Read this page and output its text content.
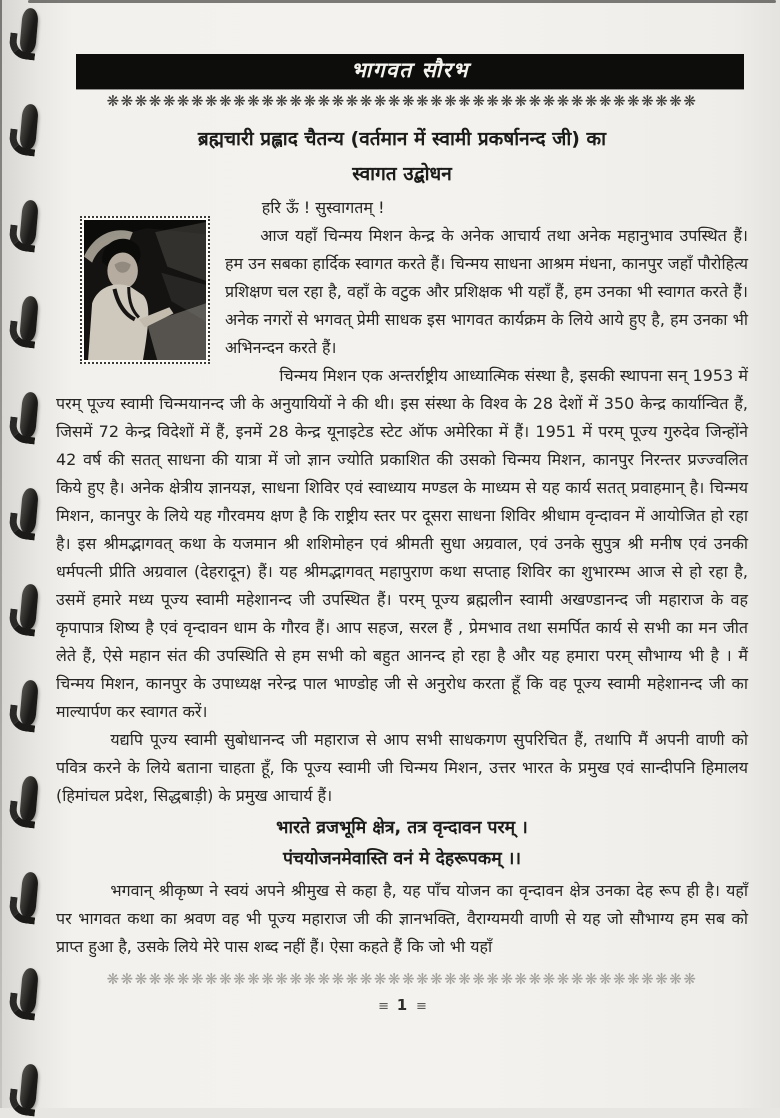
भागवत सौरभ
❋❋❋❋❋❋❋❋❋❋❋❋❋❋❋❋❋❋❋❋❋❋❋❋❋❋❋❋❋❋❋❋❋❋❋❋❋❋❋❋❋❋
ब्रह्मचारी प्रह्लाद चैतन्य (वर्तमान में स्वामी प्रकर्षानन्द जी) का
स्वागत उद्बोधन

हरि ऊँ ! सुस्वागतम् !

आज यहाँ चिन्मय मिशन केन्द्र के अनेक आचार्य तथा अनेक महानुभाव उपस्थित हैं। हम उन सबका हार्दिक स्वागत करते हैं। चिन्मय साधना आश्रम मंधना, कानपुर जहाँ पौरोहित्य प्रशिक्षण चल रहा है, वहाँ के वटुक और प्रशिक्षक भी यहाँ हैं, हम उनका भी स्वागत करते हैं। अनेक नगरों से भगवत् प्रेमी साधक इस भागवत कार्यक्रम के लिये आये हुए है, हम उनका भी अभिनन्दन करते हैं।

चिन्मय मिशन एक अन्तर्राष्ट्रीय आध्यात्मिक संस्था है, इसकी स्थापना सन् 1953 में परम् पूज्य स्वामी चिन्मयानन्द जी के अनुयायियों ने की थी। इस संस्था के विश्व के 28 देशों में 350 केन्द्र कार्यान्वित हैं, जिसमें 72 केन्द्र विदेशों में हैं, इनमें 28 केन्द्र यूनाइटेड स्टेट ऑफ अमेरिका में हैं। 1951 में परम् पूज्य गुरुदेव जिन्होंने 42 वर्ष की सतत् साधना की यात्रा में जो ज्ञान ज्योति प्रकाशित की उसको चिन्मय मिशन, कानपुर निरन्तर प्रज्ज्वलित किये हुए है। अनेक क्षेत्रीय ज्ञानयज्ञ, साधना शिविर एवं स्वाध्याय मण्डल के माध्यम से यह कार्य सतत् प्रवाहमान् है। चिन्मय मिशन, कानपुर के लिये यह गौरवमय क्षण है कि राष्ट्रीय स्तर पर दूसरा साधना शिविर श्रीधाम वृन्दावन में आयोजित हो रहा है। इस श्रीमद्भागवत् कथा के यजमान श्री शशिमोहन एवं श्रीमती सुधा अग्रवाल, एवं उनके सुपुत्र श्री मनीष एवं उनकी धर्मपत्नी प्रीति अग्रवाल (देहरादून) हैं। यह श्रीमद्भागवत् महापुराण कथा सप्ताह शिविर का शुभारम्भ आज से हो रहा है, उसमें हमारे मध्य पूज्य स्वामी महेशानन्द जी उपस्थित हैं। परम् पूज्य ब्रह्मलीन स्वामी अखण्डानन्द जी महाराज के वह कृपापात्र शिष्य है एवं वृन्दावन धाम के गौरव हैं। आप सहज, सरल हैं , प्रेमभाव तथा समर्पित कार्य से सभी का मन जीत लेते हैं, ऐसे महान संत की उपस्थिति से हम सभी को बहुत आनन्द हो रहा है और यह हमारा परम् सौभाग्य भी है । मैं चिन्मय मिशन, कानपुर के उपाध्यक्ष नरेन्द्र पाल भाण्डोह जी से अनुरोध करता हूँ कि वह पूज्य स्वामी महेशानन्द जी का माल्यार्पण कर स्वागत करें।

यद्यपि पूज्य स्वामी सुबोधानन्द जी महाराज से आप सभी साधकगण सुपरिचित हैं, तथापि मैं अपनी वाणी को पवित्र करने के लिये बताना चाहता हूँ, कि पूज्य स्वामी जी चिन्मय मिशन, उत्तर भारत के प्रमुख एवं सान्दीपनि हिमालय (हिमांचल प्रदेश, सिद्धबाड़ी) के प्रमुख आचार्य हैं।

भारते व्रजभूमि क्षेत्र, तत्र वृन्दावन परम् ।
पंचयोजनमेवास्ति वनं मे देहरूपकम् ।।

भगवान् श्रीकृष्ण ने स्वयं अपने श्रीमुख से कहा है, यह पाँच योजन का वृन्दावन क्षेत्र उनका देह रूप ही है। यहाँ पर भागवत कथा का श्रवण वह भी पूज्य महाराज जी की ज्ञानभक्ति, वैराग्यमयी वाणी से यह जो सौभाग्य हम सब को प्राप्त हुआ है, उसके लिये मेरे पास शब्द नहीं हैं। ऐसा कहते हैं कि जो भी यहाँ

❋❋❋❋❋❋❋❋❋❋❋❋❋❋❋❋❋❋❋❋❋❋❋❋❋❋❋❋❋❋❋❋❋❋❋❋❋❋❋❋❋❋
≡ 1 ≡
